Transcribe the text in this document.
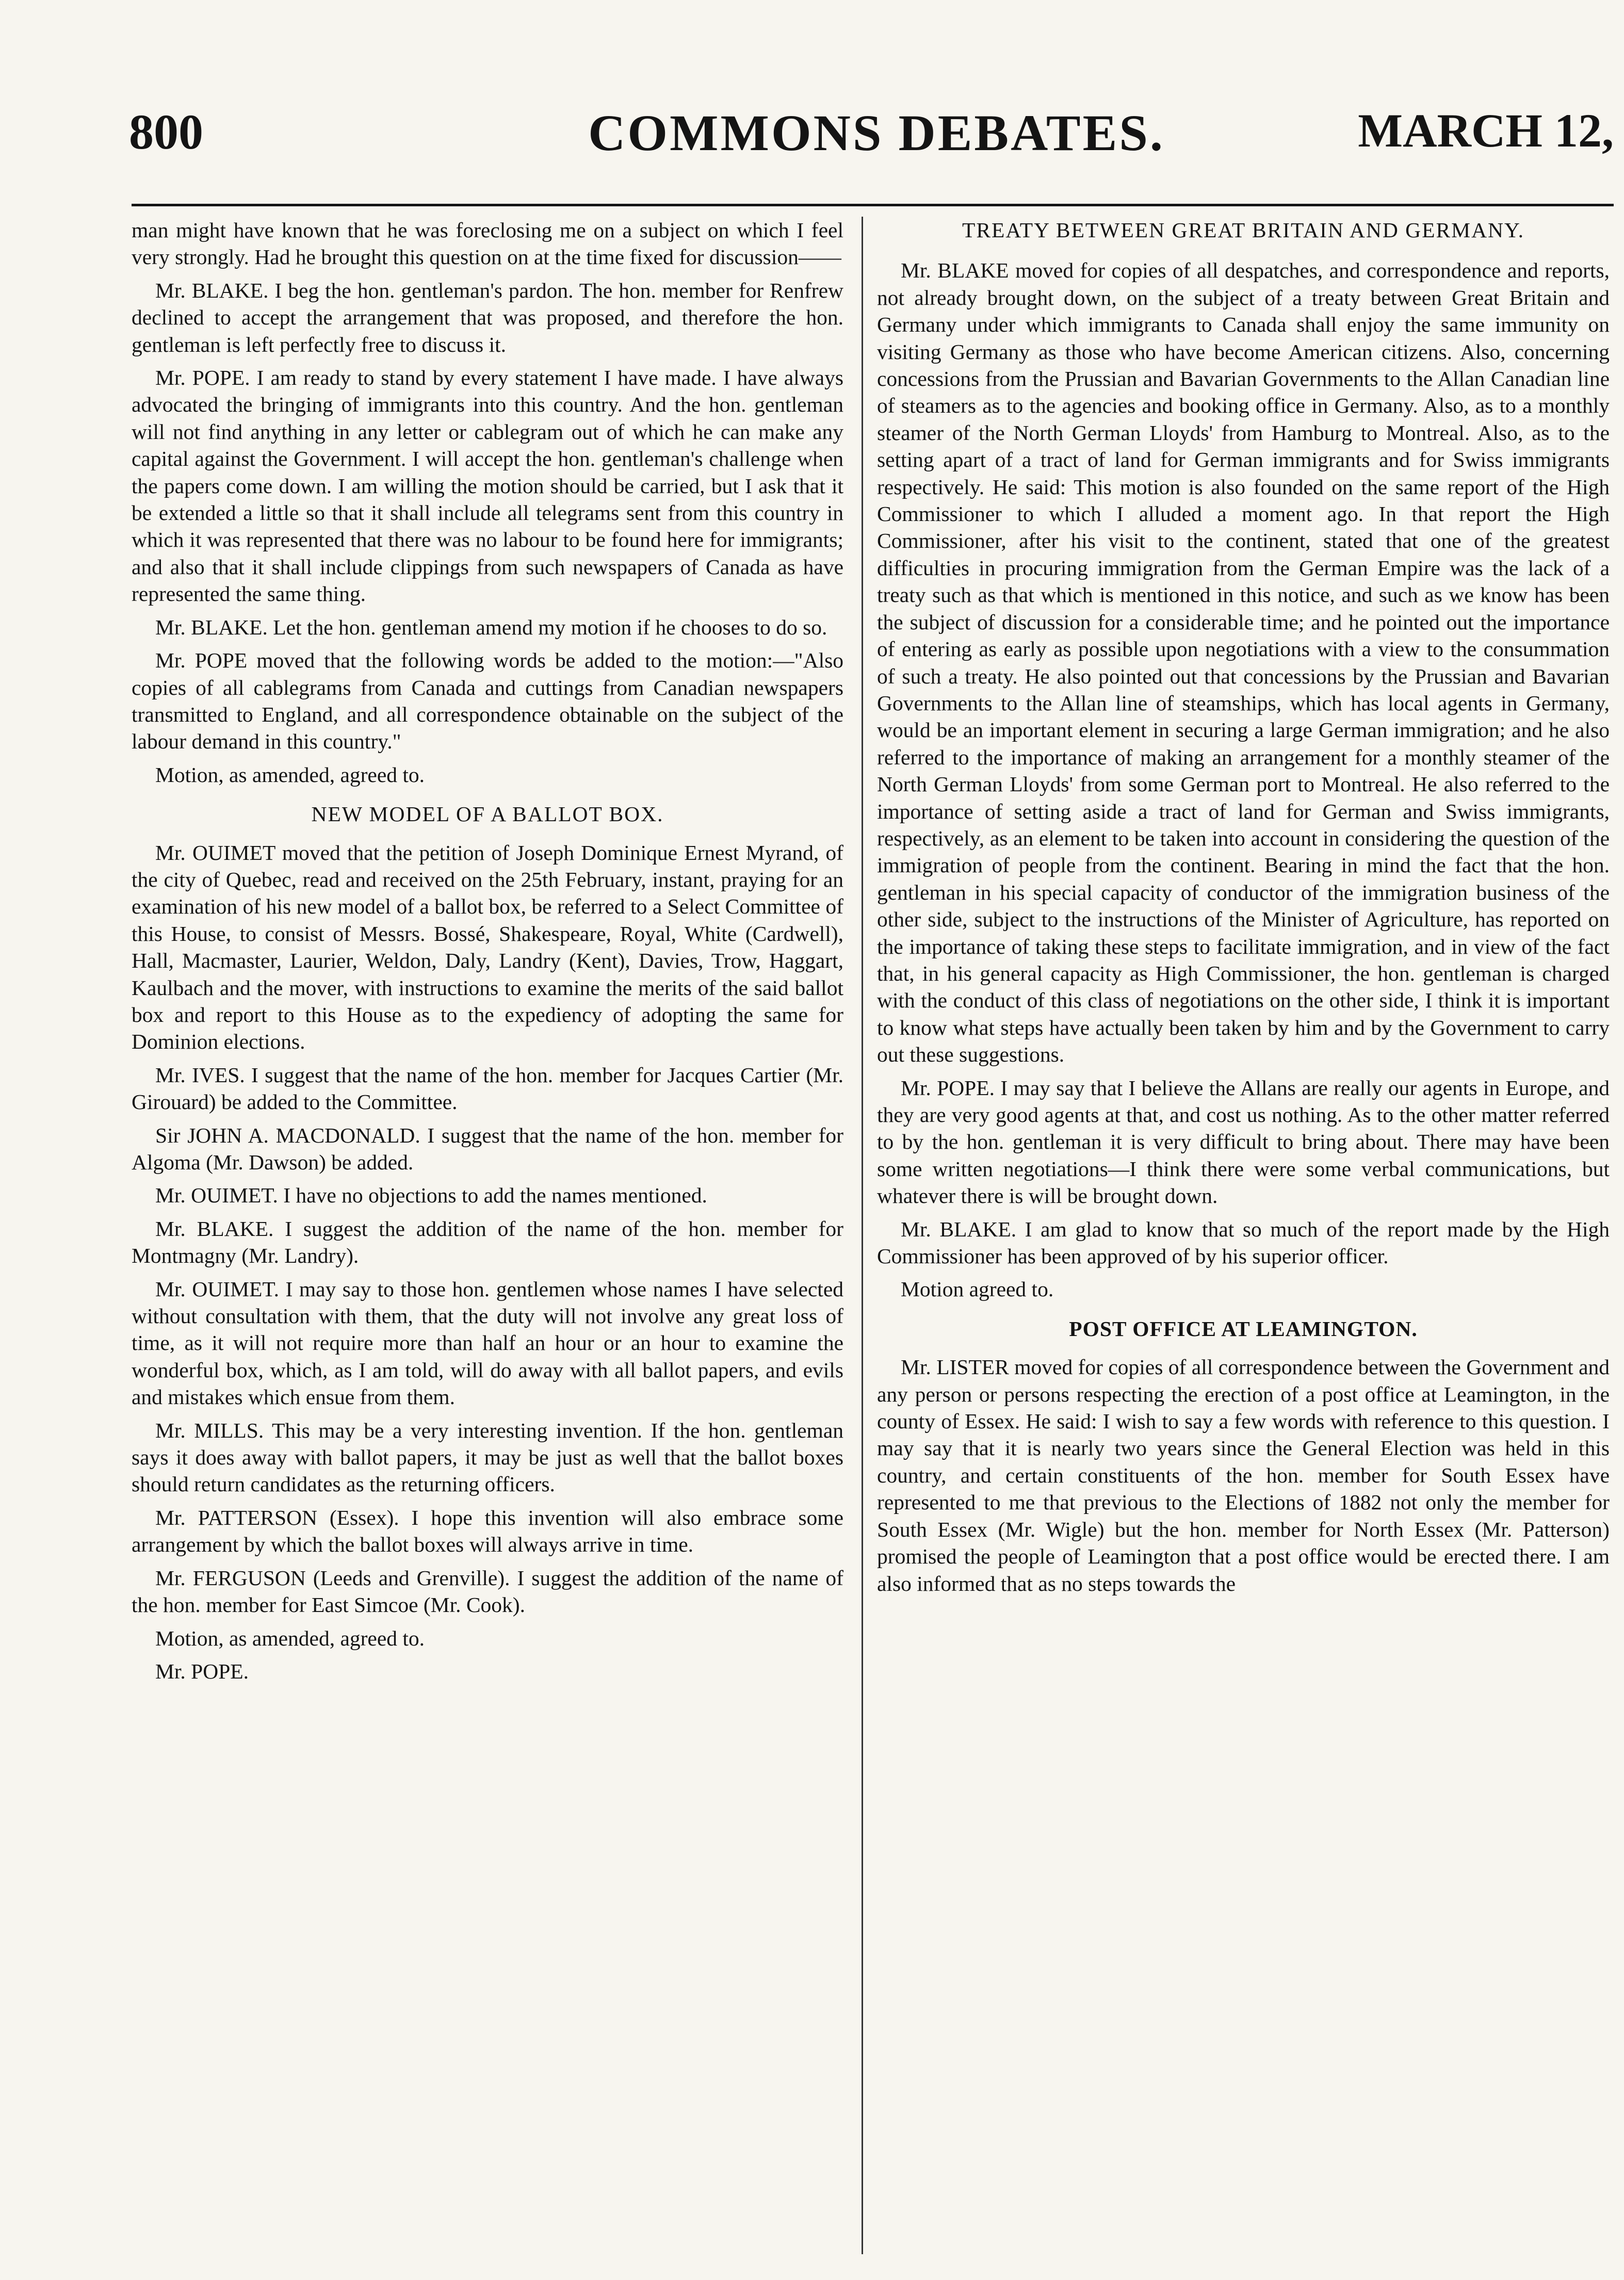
800	COMMONS DEBATES.	MARCH 12,

man might have known that he was foreclosing me on a subject on which I feel very strongly. Had he brought this question on at the time fixed for discussion——

Mr. BLAKE. I beg the hon. gentleman's pardon. The hon. member for Renfrew declined to accept the arrangement that was proposed, and therefore the hon. gentleman is left perfectly free to discuss it.

Mr. POPE. I am ready to stand by every statement I have made. I have always advocated the bringing of immigrants into this country. And the hon. gentleman will not find anything in any letter or cablegram out of which he can make any capital against the Government. I will accept the hon. gentleman's challenge when the papers come down. I am willing the motion should be carried, but I ask that it be extended a little so that it shall include all telegrams sent from this country in which it was represented that there was no labour to be found here for immigrants; and also that it shall include clippings from such newspapers of Canada as have represented the same thing.

Mr. BLAKE. Let the hon. gentleman amend my motion if he chooses to do so.

Mr. POPE moved that the following words be added to the motion:—"Also copies of all cablegrams from Canada and cuttings from Canadian newspapers transmitted to England, and all correspondence obtainable on the subject of the labour demand in this country."

Motion, as amended, agreed to.

NEW MODEL OF A BALLOT BOX.

Mr. OUIMET moved that the petition of Joseph Dominique Ernest Myrand, of the city of Quebec, read and received on the 25th February, instant, praying for an examination of his new model of a ballot box, be referred to a Select Committee of this House, to consist of Messrs. Bossé, Shakespeare, Royal, White (Cardwell), Hall, Macmaster, Laurier, Weldon, Daly, Landry (Kent), Davies, Trow, Haggart, Kaulbach and the mover, with instructions to examine the merits of the said ballot box and report to this House as to the expediency of adopting the same for Dominion elections.

Mr. IVES. I suggest that the name of the hon. member for Jacques Cartier (Mr. Girouard) be added to the Committee.

Sir JOHN A. MACDONALD. I suggest that the name of the hon. member for Algoma (Mr. Dawson) be added.

Mr. OUIMET. I have no objections to add the names mentioned.

Mr. BLAKE. I suggest the addition of the name of the hon. member for Montmagny (Mr. Landry).

Mr. OUIMET. I may say to those hon. gentlemen whose names I have selected without consultation with them, that the duty will not involve any great loss of time, as it will not require more than half an hour or an hour to examine the wonderful box, which, as I am told, will do away with all ballot papers, and evils and mistakes which ensue from them.

Mr. MILLS. This may be a very interesting invention. If the hon. gentleman says it does away with ballot papers, it may be just as well that the ballot boxes should return candidates as the returning officers.

Mr. PATTERSON (Essex). I hope this invention will also embrace some arrangement by which the ballot boxes will always arrive in time.

Mr. FERGUSON (Leeds and Grenville). I suggest the addition of the name of the hon. member for East Simcoe (Mr. Cook).

Motion, as amended, agreed to.

Mr. POPE.

TREATY BETWEEN GREAT BRITAIN AND GERMANY.

Mr. BLAKE moved for copies of all despatches, and correspondence and reports, not already brought down, on the subject of a treaty between Great Britain and Germany under which immigrants to Canada shall enjoy the same immunity on visiting Germany as those who have become American citizens. Also, concerning concessions from the Prussian and Bavarian Governments to the Allan Canadian line of steamers as to the agencies and booking office in Germany. Also, as to a monthly steamer of the North German Lloyds' from Hamburg to Montreal. Also, as to the setting apart of a tract of land for German immigrants and for Swiss immigrants respectively. He said: This motion is also founded on the same report of the High Commissioner to which I alluded a moment ago. In that report the High Commissioner, after his visit to the continent, stated that one of the greatest difficulties in procuring immigration from the German Empire was the lack of a treaty such as that which is mentioned in this notice, and such as we know has been the subject of discussion for a considerable time; and he pointed out the importance of entering as early as possible upon negotiations with a view to the consummation of such a treaty. He also pointed out that concessions by the Prussian and Bavarian Governments to the Allan line of steamships, which has local agents in Germany, would be an important element in securing a large German immigration; and he also referred to the importance of making an arrangement for a monthly steamer of the North German Lloyds' from some German port to Montreal. He also referred to the importance of setting aside a tract of land for German and Swiss immigrants, respectively, as an element to be taken into account in considering the question of the immigration of people from the continent. Bearing in mind the fact that the hon. gentleman in his special capacity of conductor of the immigration business of the other side, subject to the instructions of the Minister of Agriculture, has reported on the importance of taking these steps to facilitate immigration, and in view of the fact that, in his general capacity as High Commissioner, the hon. gentleman is charged with the conduct of this class of negotiations on the other side, I think it is important to know what steps have actually been taken by him and by the Government to carry out these suggestions.

Mr. POPE. I may say that I believe the Allans are really our agents in Europe, and they are very good agents at that, and cost us nothing. As to the other matter referred to by the hon. gentleman it is very difficult to bring about. There may have been some written negotiations—I think there were some verbal communications, but whatever there is will be brought down.

Mr. BLAKE. I am glad to know that so much of the report made by the High Commissioner has been approved of by his superior officer.

Motion agreed to.

POST OFFICE AT LEAMINGTON.

Mr. LISTER moved for copies of all correspondence between the Government and any person or persons respecting the erection of a post office at Leamington, in the county of Essex. He said: I wish to say a few words with reference to this question. I may say that it is nearly two years since the General Election was held in this country, and certain constituents of the hon. member for South Essex have represented to me that previous to the Elections of 1882 not only the member for South Essex (Mr. Wigle) but the hon. member for North Essex (Mr. Patterson) promised the people of Leamington that a post office would be erected there. I am also informed that as no steps towards the
